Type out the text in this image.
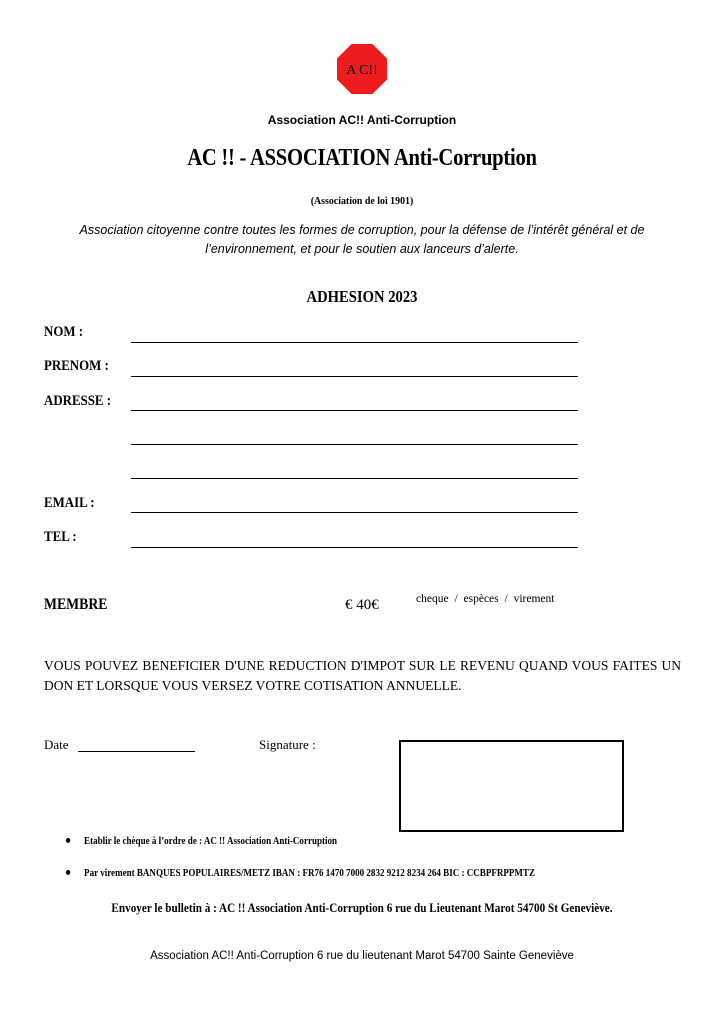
A C!!
Association AC!! Anti-Corruption
AC !! - ASSOCIATION Anti-Corruption
(Association de loi 1901)
Association citoyenne contre toutes les formes de corruption, pour la défense de l’intérêt général et de l’environnement, et pour le soutien aux lanceurs d’alerte.
ADHESION 2023
NOM :
PRENOM :
ADRESSE :
EMAIL :
TEL :
MEMBRE	€ 40€	cheque / espèces / virement
VOUS POUVEZ BENEFICIER D'UNE REDUCTION D'IMPOT SUR LE REVENU QUAND VOUS FAITES UN DON ET LORSQUE VOUS VERSEZ VOTRE COTISATION ANNUELLE.
Date	Signature :
Etablir le chèque à l’ordre de : AC !! Association Anti-Corruption
Par virement BANQUES POPULAIRES/METZ IBAN : FR76 1470 7000 2832 9212 8234 264 BIC : CCBPFRPPMTZ
Envoyer le bulletin à : AC !! Association Anti-Corruption 6 rue du Lieutenant Marot 54700 St Geneviève.
Association AC!! Anti-Corruption 6 rue du lieutenant Marot 54700 Sainte Geneviève
